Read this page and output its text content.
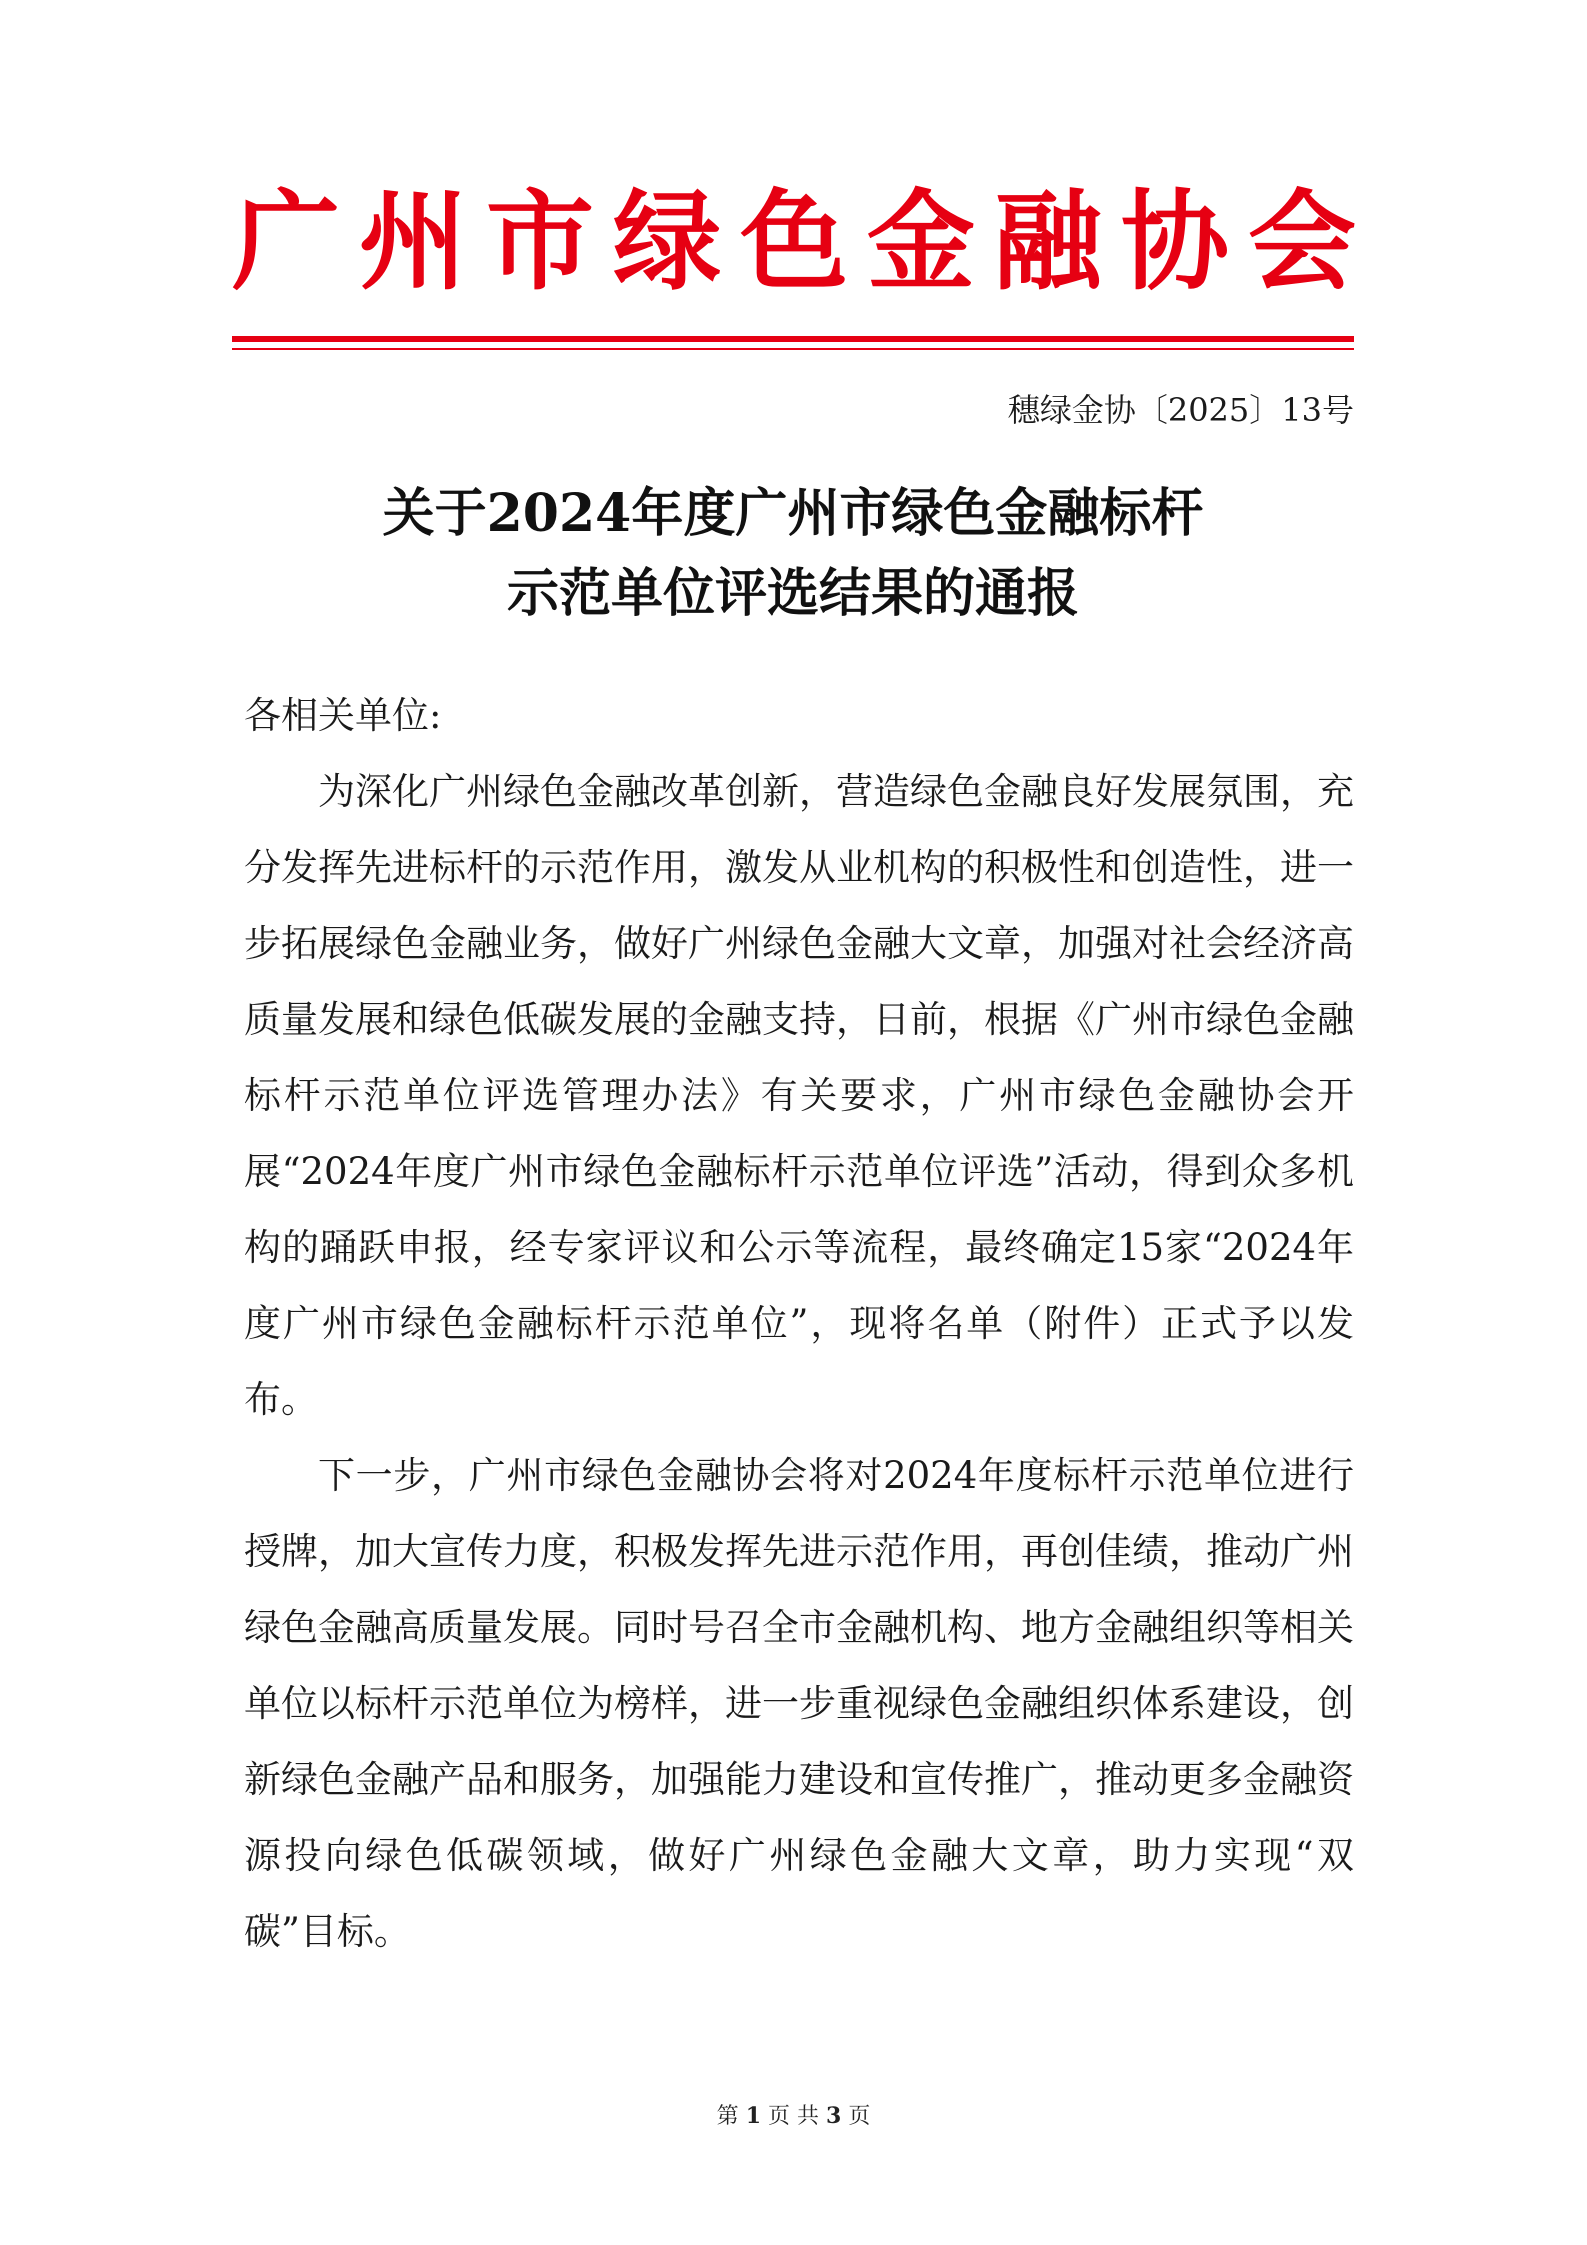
广州市绿色金融协会
穗绿金协〔2025〕13号
关于2024年度广州市绿色金融标杆
示范单位评选结果的通报

各相关单位:

为深化广州绿色金融改革创新，营造绿色金融良好发展氛围，充分发挥先进标杆的示范作用，激发从业机构的积极性和创造性，进一步拓展绿色金融业务，做好广州绿色金融大文章，加强对社会经济高质量发展和绿色低碳发展的金融支持，日前，根据《广州市绿色金融标杆示范单位评选管理办法》有关要求，广州市绿色金融协会开展“2024年度广州市绿色金融标杆示范单位评选”活动，得到众多机构的踊跃申报，经专家评议和公示等流程，最终确定15家“2024年度广州市绿色金融标杆示范单位”，现将名单（附件）正式予以发布。

下一步，广州市绿色金融协会将对2024年度标杆示范单位进行授牌，加大宣传力度，积极发挥先进示范作用，再创佳绩，推动广州绿色金融高质量发展。同时号召全市金融机构、地方金融组织等相关单位以标杆示范单位为榜样，进一步重视绿色金融组织体系建设，创新绿色金融产品和服务，加强能力建设和宣传推广，推动更多金融资源投向绿色低碳领域，做好广州绿色金融大文章，助力实现“双碳”目标。

第 1 页 共 3 页
